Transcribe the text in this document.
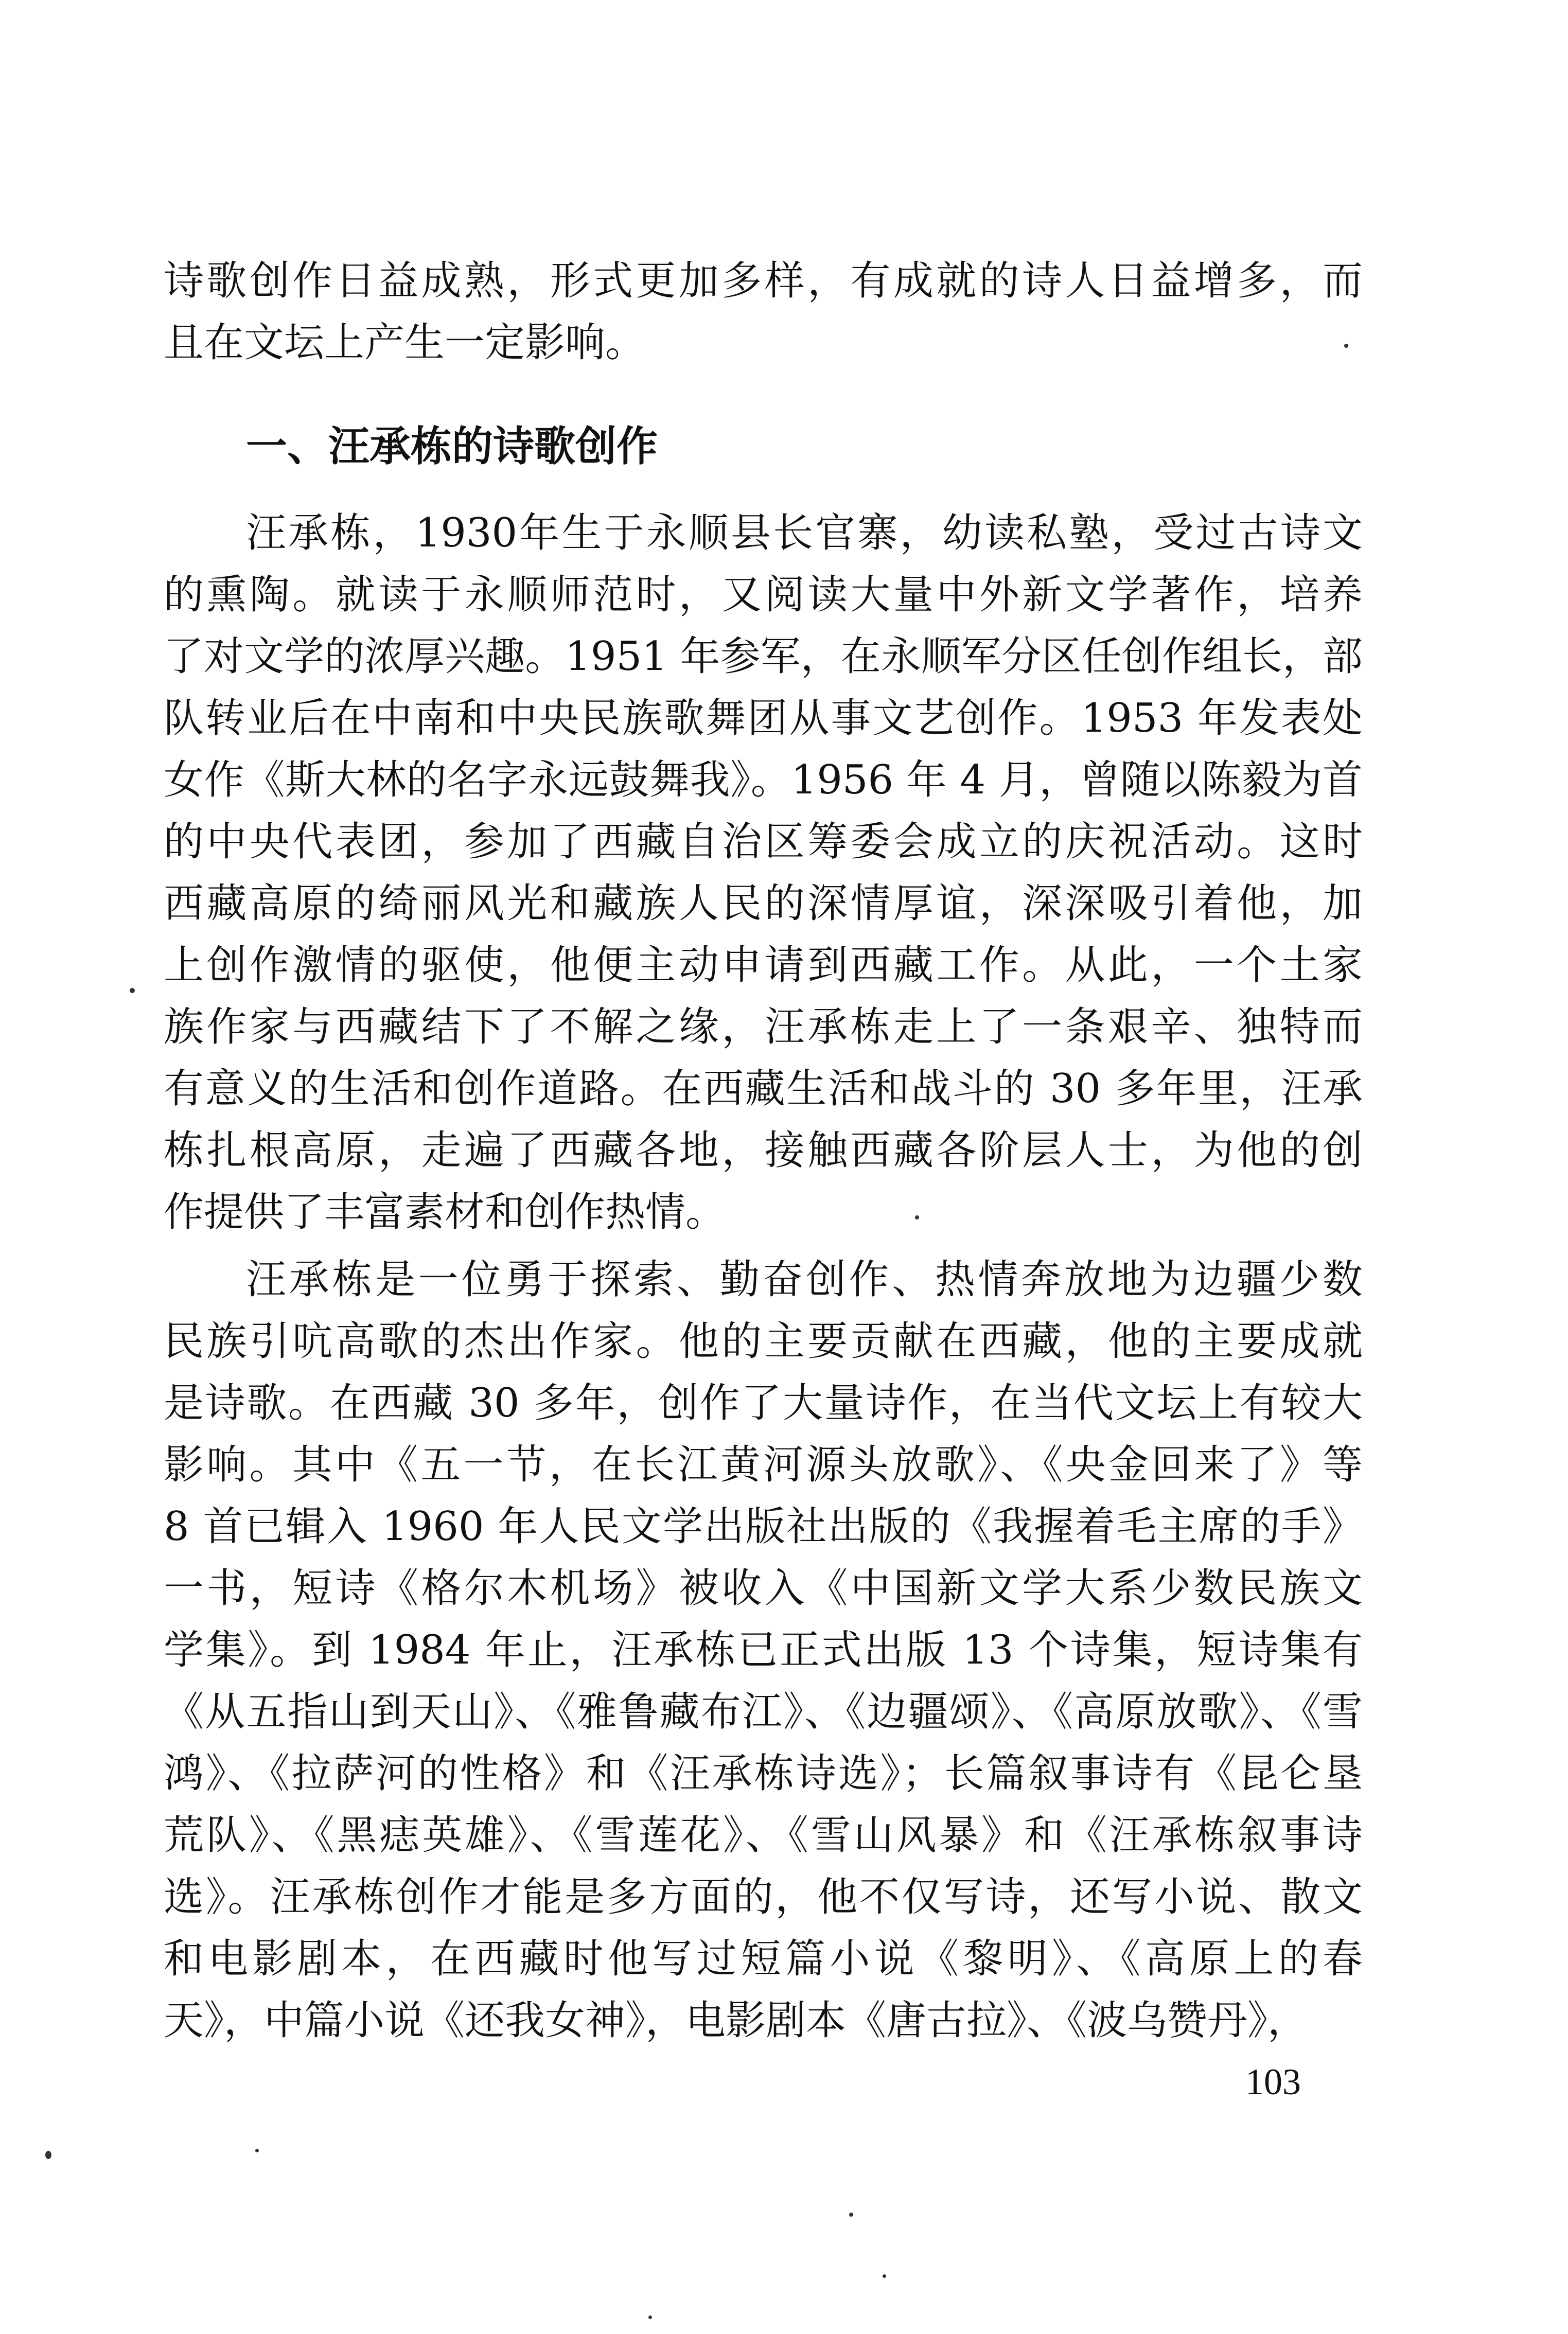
诗歌创作日益成熟，形式更加多样，有成就的诗人日益增多，而
且在文坛上产生一定影响。
一、汪承栋的诗歌创作
汪承栋，1930年生于永顺县长官寨，幼读私塾，受过古诗文
的熏陶。就读于永顺师范时，又阅读大量中外新文学著作，培养
了对文学的浓厚兴趣。1951 年参军，在永顺军分区任创作组长，部
队转业后在中南和中央民族歌舞团从事文艺创作。1953 年发表处
女作《斯大林的名字永远鼓舞我》。1956 年 4 月，曾随以陈毅为首
的中央代表团，参加了西藏自治区筹委会成立的庆祝活动。这时
西藏高原的绮丽风光和藏族人民的深情厚谊，深深吸引着他，加
上创作激情的驱使，他便主动申请到西藏工作。从此，一个土家
族作家与西藏结下了不解之缘，汪承栋走上了一条艰辛、独特而
有意义的生活和创作道路。在西藏生活和战斗的 30 多年里，汪承
栋扎根高原，走遍了西藏各地，接触西藏各阶层人士，为他的创
作提供了丰富素材和创作热情。
汪承栋是一位勇于探索、勤奋创作、热情奔放地为边疆少数
民族引吭高歌的杰出作家。他的主要贡献在西藏，他的主要成就
是诗歌。在西藏 30 多年，创作了大量诗作，在当代文坛上有较大
影响。其中《五一节，在长江黄河源头放歌》、《央金回来了》等
8 首已辑入 1960 年人民文学出版社出版的《我握着毛主席的手》
一书，短诗《格尔木机场》被收入《中国新文学大系少数民族文
学集》。到 1984 年止，汪承栋已正式出版 13 个诗集，短诗集有
《从五指山到天山》、《雅鲁藏布江》、《边疆颂》、《高原放歌》、《雪
鸿》、《拉萨河的性格》和《汪承栋诗选》；长篇叙事诗有《昆仑垦
荒队》、《黑痣英雄》、《雪莲花》、《雪山风暴》和《汪承栋叙事诗
选》。汪承栋创作才能是多方面的，他不仅写诗，还写小说、散文
和电影剧本，在西藏时他写过短篇小说《黎明》、《高原上的春
天》，中篇小说《还我女神》，电影剧本《唐古拉》、《波乌赞丹》，
103
